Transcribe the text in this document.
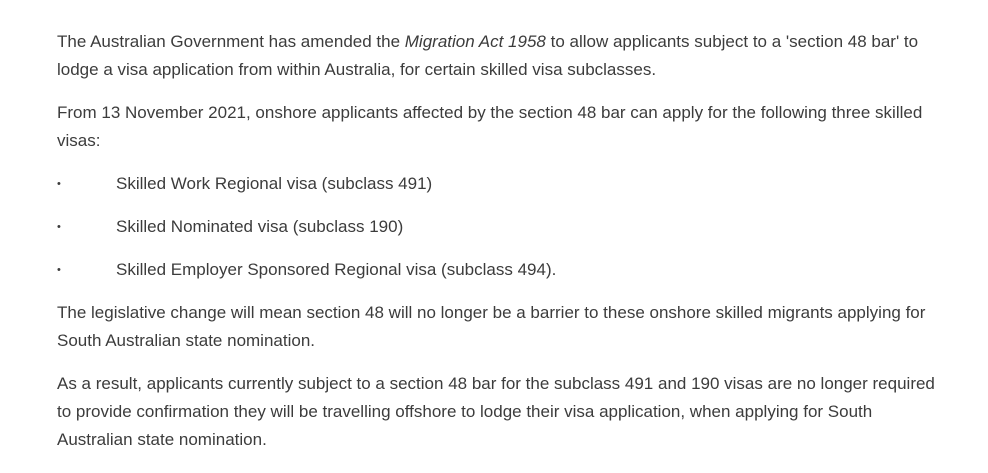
The Australian Government has amended the Migration Act 1958 to allow applicants subject to a 'section 48 bar' to lodge a visa application from within Australia, for certain skilled visa subclasses.

From 13 November 2021, onshore applicants affected by the section 48 bar can apply for the following three skilled visas:

•	Skilled Work Regional visa (subclass 491)
•	Skilled Nominated visa (subclass 190)
•	Skilled Employer Sponsored Regional visa (subclass 494).

The legislative change will mean section 48 will no longer be a barrier to these onshore skilled migrants applying for South Australian state nomination.

As a result, applicants currently subject to a section 48 bar for the subclass 491 and 190 visas are no longer required to provide confirmation they will be travelling offshore to lodge their visa application, when applying for South Australian state nomination.
